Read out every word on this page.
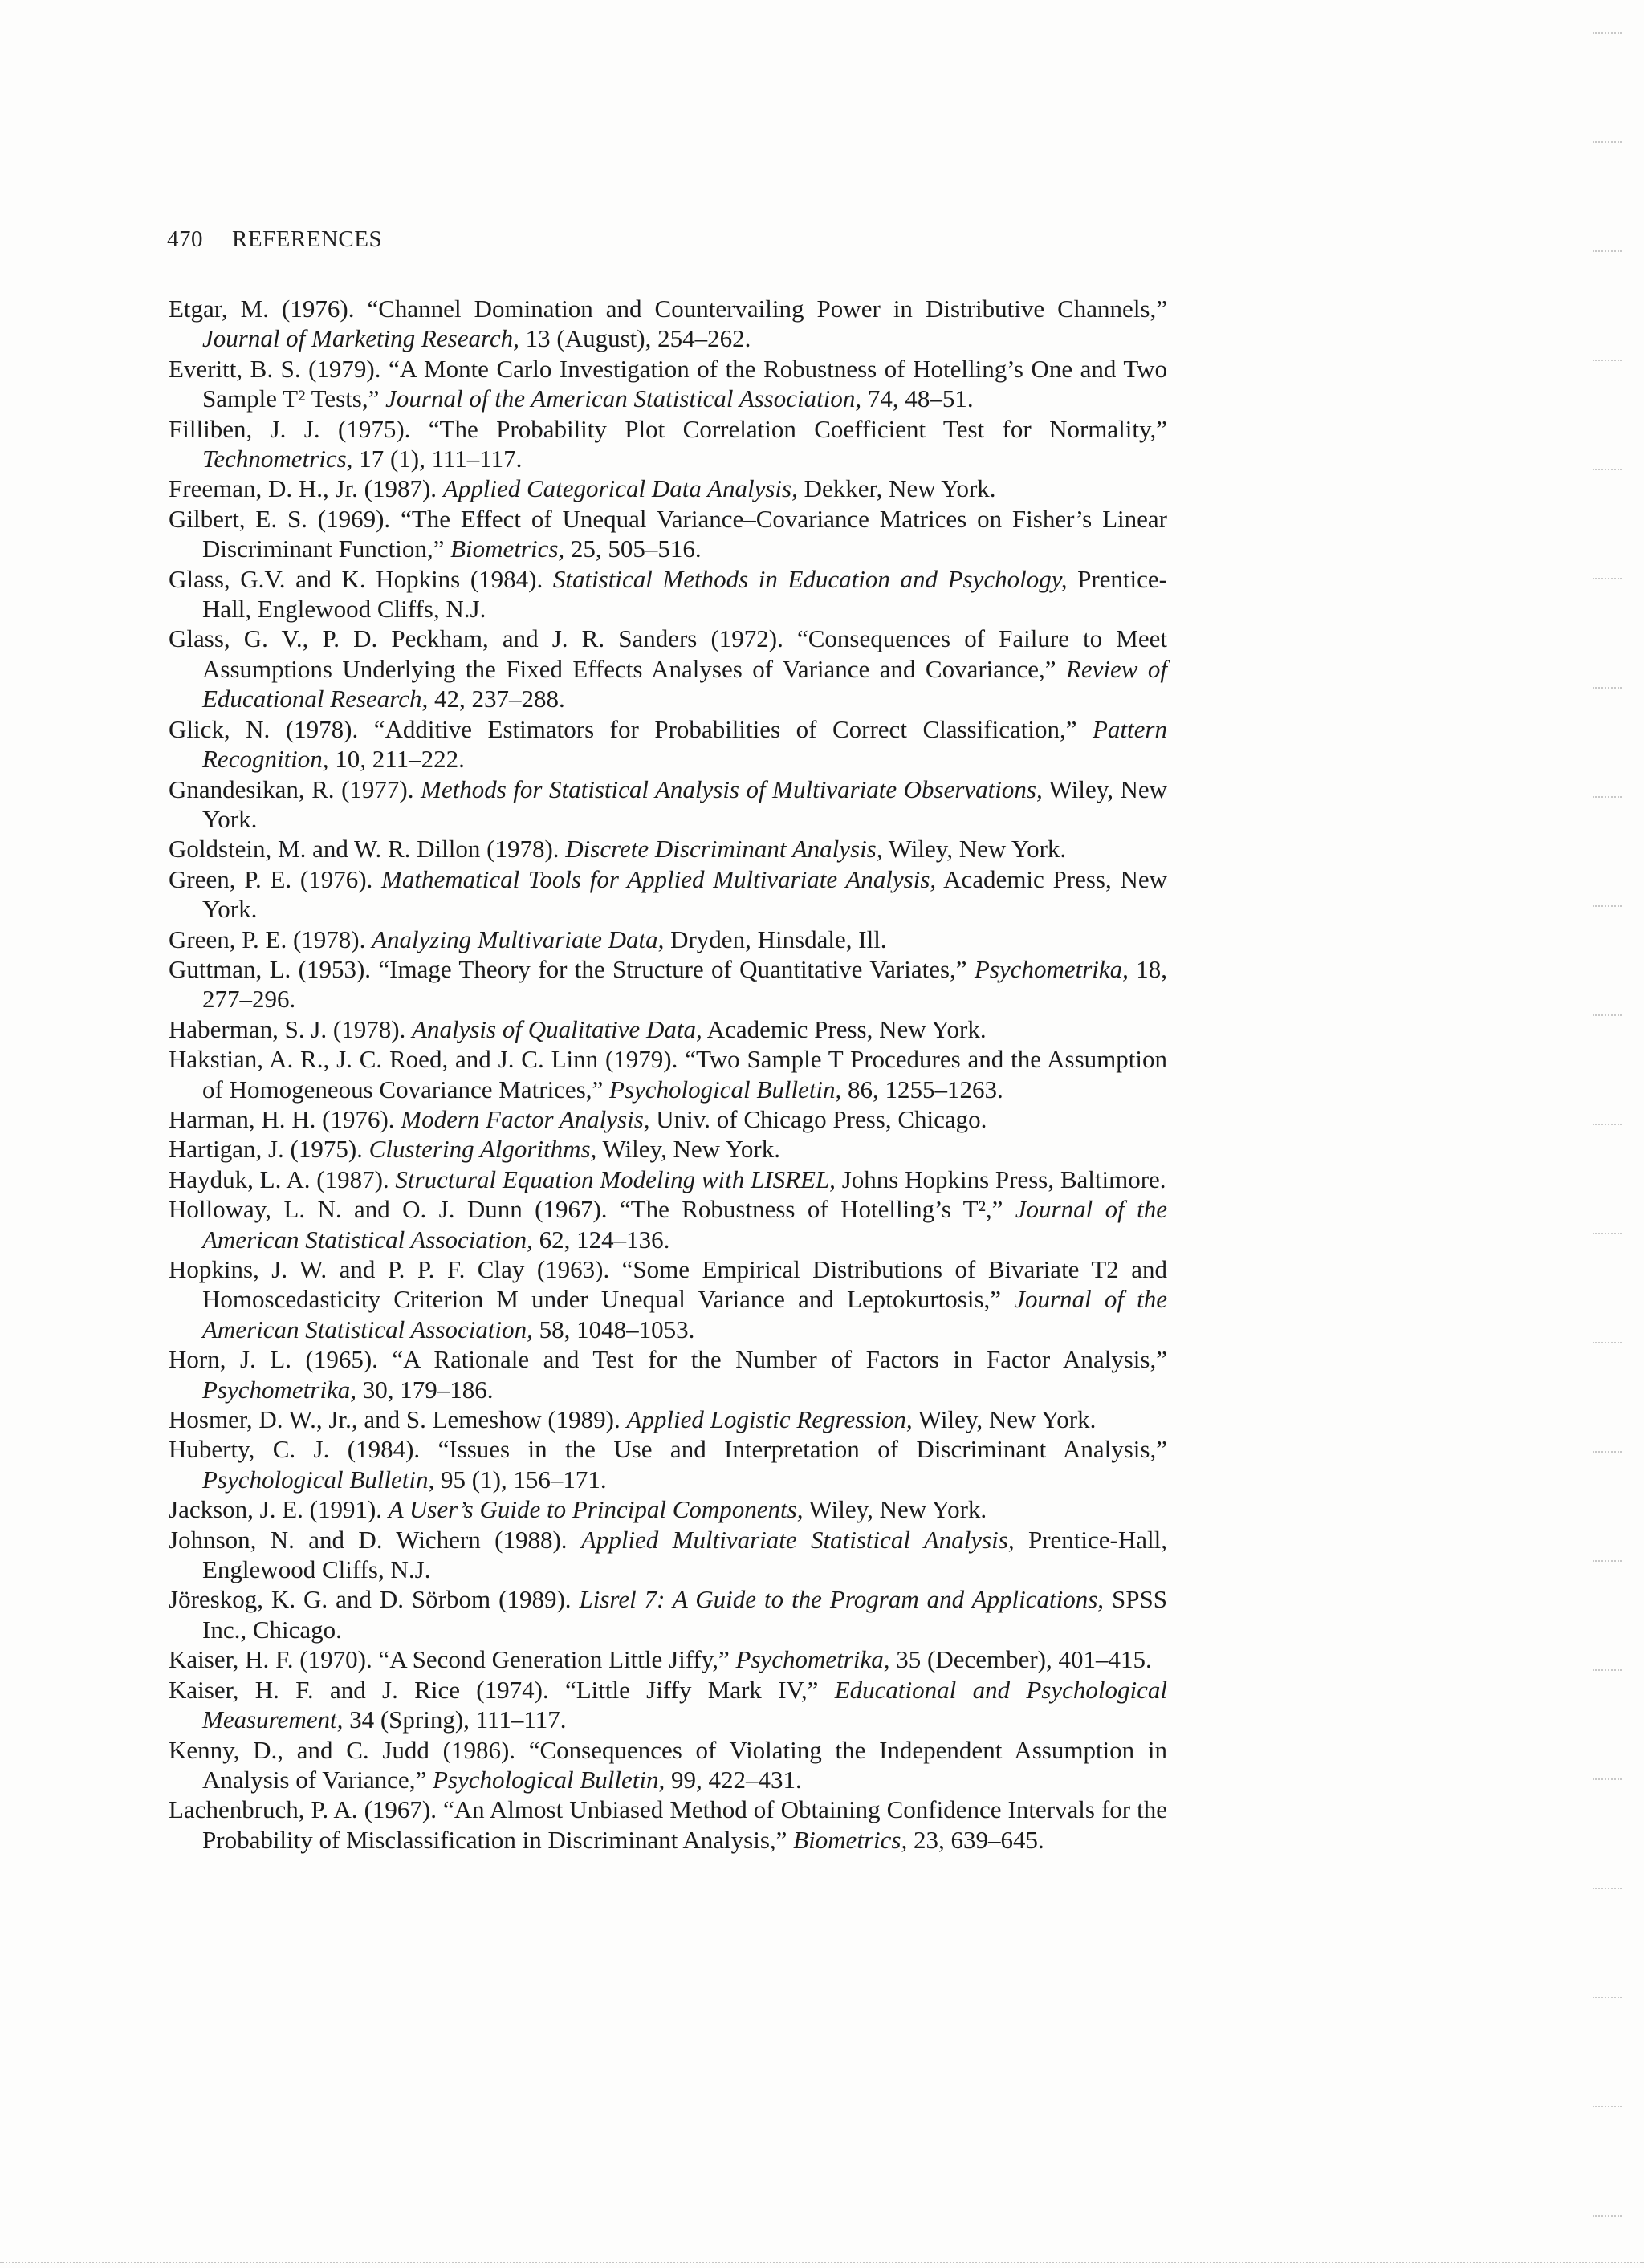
470 REFERENCES
Etgar, M. (1976). “Channel Domination and Countervailing Power in Distributive Channels,” Journal of Marketing Research, 13 (August), 254–262.
Everitt, B. S. (1979). “A Monte Carlo Investigation of the Robustness of Hotelling’s One and Two Sample T² Tests,” Journal of the American Statistical Association, 74, 48–51.
Filliben, J. J. (1975). “The Probability Plot Correlation Coefficient Test for Normality,” Technometrics, 17 (1), 111–117.
Freeman, D. H., Jr. (1987). Applied Categorical Data Analysis, Dekker, New York.
Gilbert, E. S. (1969). “The Effect of Unequal Variance–Covariance Matrices on Fisher’s Linear Discriminant Function,” Biometrics, 25, 505–516.
Glass, G.V. and K. Hopkins (1984). Statistical Methods in Education and Psychology, Prentice-Hall, Englewood Cliffs, N.J.
Glass, G. V., P. D. Peckham, and J. R. Sanders (1972). “Consequences of Failure to Meet Assumptions Underlying the Fixed Effects Analyses of Variance and Covariance,” Review of Educational Research, 42, 237–288.
Glick, N. (1978). “Additive Estimators for Probabilities of Correct Classification,” Pattern Recognition, 10, 211–222.
Gnandesikan, R. (1977). Methods for Statistical Analysis of Multivariate Observations, Wiley, New York.
Goldstein, M. and W. R. Dillon (1978). Discrete Discriminant Analysis, Wiley, New York.
Green, P. E. (1976). Mathematical Tools for Applied Multivariate Analysis, Academic Press, New York.
Green, P. E. (1978). Analyzing Multivariate Data, Dryden, Hinsdale, Ill.
Guttman, L. (1953). “Image Theory for the Structure of Quantitative Variates,” Psychometrika, 18, 277–296.
Haberman, S. J. (1978). Analysis of Qualitative Data, Academic Press, New York.
Hakstian, A. R., J. C. Roed, and J. C. Linn (1979). “Two Sample T Procedures and the Assumption of Homogeneous Covariance Matrices,” Psychological Bulletin, 86, 1255–1263.
Harman, H. H. (1976). Modern Factor Analysis, Univ. of Chicago Press, Chicago.
Hartigan, J. (1975). Clustering Algorithms, Wiley, New York.
Hayduk, L. A. (1987). Structural Equation Modeling with LISREL, Johns Hopkins Press, Baltimore.
Holloway, L. N. and O. J. Dunn (1967). “The Robustness of Hotelling’s T²,” Journal of the American Statistical Association, 62, 124–136.
Hopkins, J. W. and P. P. F. Clay (1963). “Some Empirical Distributions of Bivariate T2 and Homoscedasticity Criterion M under Unequal Variance and Leptokurtosis,” Journal of the American Statistical Association, 58, 1048–1053.
Horn, J. L. (1965). “A Rationale and Test for the Number of Factors in Factor Analysis,” Psychometrika, 30, 179–186.
Hosmer, D. W., Jr., and S. Lemeshow (1989). Applied Logistic Regression, Wiley, New York.
Huberty, C. J. (1984). “Issues in the Use and Interpretation of Discriminant Analysis,” Psychological Bulletin, 95 (1), 156–171.
Jackson, J. E. (1991). A User’s Guide to Principal Components, Wiley, New York.
Johnson, N. and D. Wichern (1988). Applied Multivariate Statistical Analysis, Prentice-Hall, Englewood Cliffs, N.J.
Jöreskog, K. G. and D. Sörbom (1989). Lisrel 7: A Guide to the Program and Applications, SPSS Inc., Chicago.
Kaiser, H. F. (1970). “A Second Generation Little Jiffy,” Psychometrika, 35 (December), 401–415.
Kaiser, H. F. and J. Rice (1974). “Little Jiffy Mark IV,” Educational and Psychological Measurement, 34 (Spring), 111–117.
Kenny, D., and C. Judd (1986). “Consequences of Violating the Independent Assumption in Analysis of Variance,” Psychological Bulletin, 99, 422–431.
Lachenbruch, P. A. (1967). “An Almost Unbiased Method of Obtaining Confidence Intervals for the Probability of Misclassification in Discriminant Analysis,” Biometrics, 23, 639–645.
